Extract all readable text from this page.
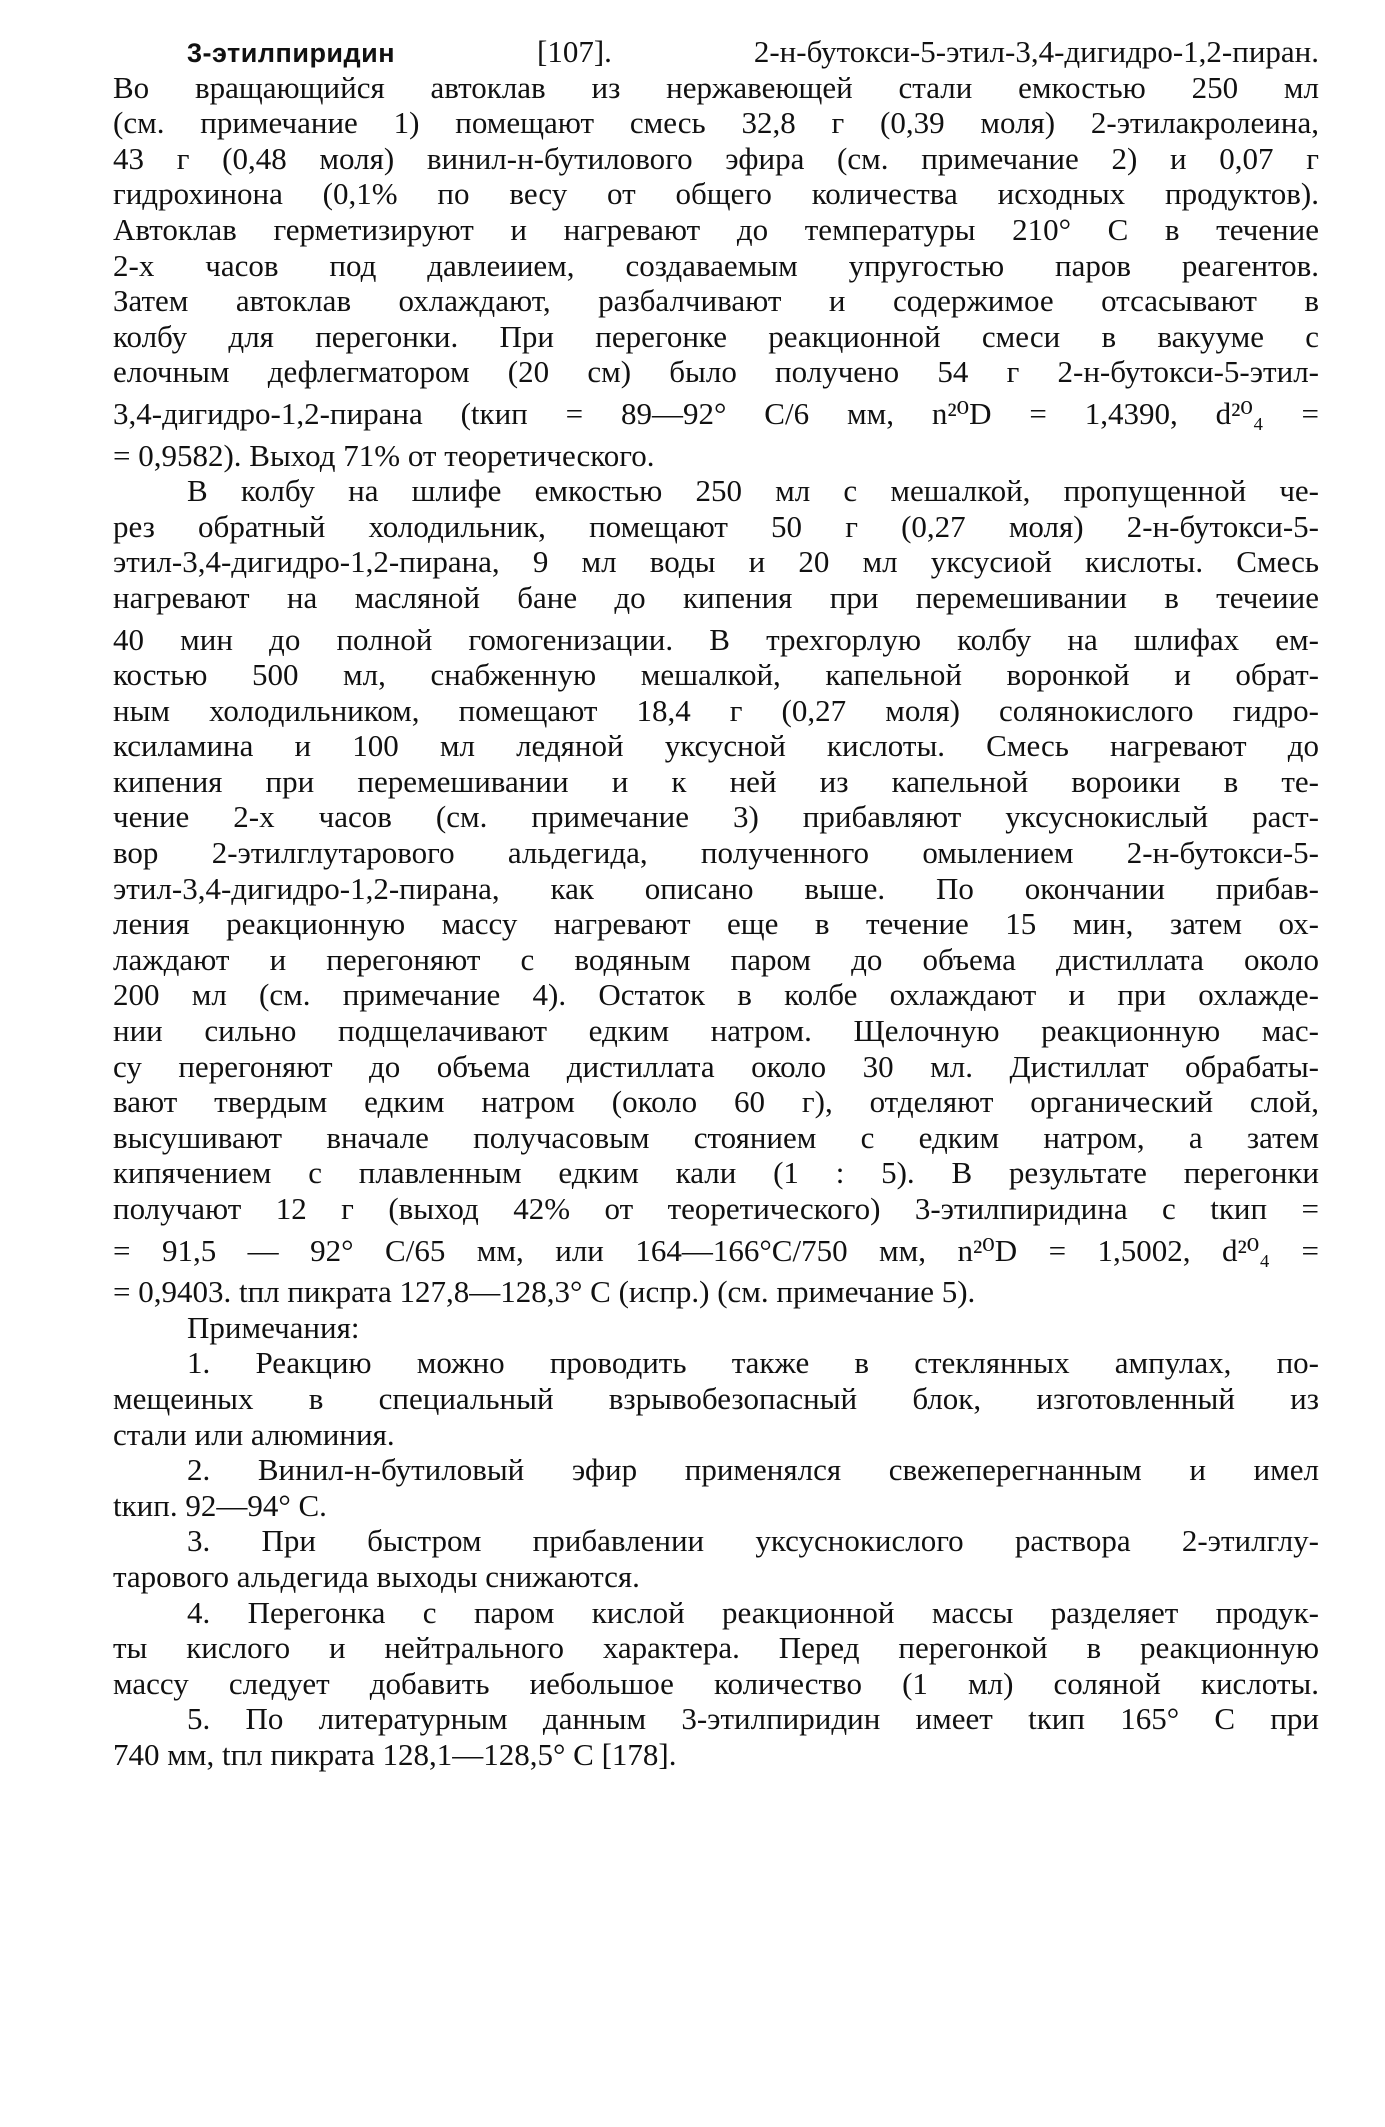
3-этилпиридин	[107].	2-н-бутокси-5-этил-3,4-дигидро-1,2-пиран.
Во вращающийся автоклав из нержавеющей стали емкостью 250 мл
(см. примечание 1) помещают смесь 32,8 г (0,39 моля) 2-этилакролеина,
43 г (0,48 моля) винил-н-бутилового эфира (см. примечание 2) и 0,07 г
гидрохинона (0,1% по весу от общего количества исходных продуктов).
Автоклав герметизируют и нагревают до температуры 210° С в течение
2-х часов под давлеиием, создаваемым упругостью паров реагентов.
Затем автоклав охлаждают, разбалчивают и содержимое отсасывают в
колбу для перегонки. При перегонке реакционной смеси в вакууме с
елочным дефлегматором (20 см) было получено 54 г 2-н-бутокси-5-этил-
3,4-дигидро-1,2-пирана (tкип = 89—92° С/6 мм, n²⁰D = 1,4390, d²⁰₄ =
= 0,9582). Выход 71% от теоретического.
В колбу на шлифе емкостью 250 мл с мешалкой, пропущенной че-
рез обратный холодильник, помещают 50 г (0,27 моля) 2-н-бутокси-5-
этил-3,4-дигидро-1,2-пирана, 9 мл воды и 20 мл уксусиой кислоты. Смесь
нагревают на масляной бане до кипения при перемешивании в течеиие
40 мин до полной гомогенизации. В трехгорлую колбу на шлифах ем-
костью 500 мл, снабженную мешалкой, капельной воронкой и обрат-
ным холодильником, помещают 18,4 г (0,27 моля) солянокислого гидро-
ксиламина и 100 мл ледяной уксусной кислоты. Смесь нагревают до
кипения при перемешивании и к ней из капельной вороики в те-
чение 2-х часов (см. примечание 3) прибавляют уксуснокислый раст-
вор 2-этилглутарового альдегида, полученного омылением 2-н-бутокси-5-
этил-3,4-дигидро-1,2-пирана, как описано выше. По окончании прибав-
ления реакционную массу нагревают еще в течение 15 мин, затем ох-
лаждают и перегоняют с водяным паром до объема дистиллата около
200 мл (см. примечание 4). Остаток в колбе охлаждают и при охлажде-
нии сильно подщелачивают едким натром. Щелочную реакционную мас-
су перегоняют до объема дистиллата около 30 мл. Дистиллат обрабаты-
вают твердым едким натром (около 60 г), отделяют органический слой,
высушивают вначале получасовым стоянием с едким натром, а затем
кипячением с плавленным едким кали (1 : 5). В результате перегонки
получают 12 г (выход 42% от теоретического) 3-этилпиридина с tкип =
= 91,5 — 92° С/65 мм, или 164—166°С/750 мм, n²⁰D = 1,5002, d²⁰₄ =
= 0,9403. tпл пикрата 127,8—128,3° С (испр.) (см. примечание 5).
Примечания:
1. Реакцию можно проводить также в стеклянных ампулах, по-
мещеиных в специальный взрывобезопасный блок, изготовленный из
стали или алюминия.
2. Винил-н-бутиловый эфир применялся свежеперегнанным и имел
tкип. 92—94° С.
3. При быстром прибавлении уксуснокислого раствора 2-этилглу-
тарового альдегида выходы снижаются.
4. Перегонка с паром кислой реакционной массы разделяет продук-
ты кислого и нейтрального характера. Перед перегонкой в реакционную
массу следует добавить иебольшое количество (1 мл) соляной кислоты.
5. По литературным данным 3-этилпиридин имеет tкип 165° С при
740 мм, tпл пикрата 128,1—128,5° С [178].
